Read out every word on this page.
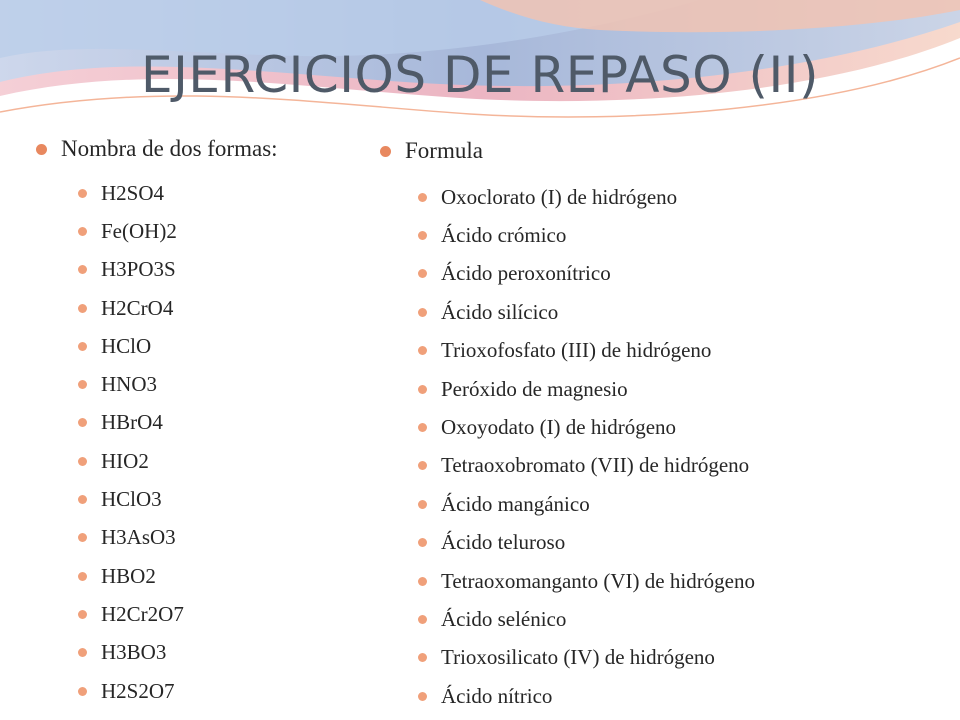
EJERCICIOS DE REPASO (II)
Nombra de dos formas:
H2SO4
Fe(OH)2
H3PO3S
H2CrO4
HClO
HNO3
HBrO4
HIO2
HClO3
H3AsO3
HBO2
H2Cr2O7
H3BO3
H2S2O7
Formula
Oxoclorato (I) de hidrógeno
Ácido crómico
Ácido peroxonítrico
Ácido silícico
Trioxofosfato (III) de hidrógeno
Peróxido de magnesio
Oxoyodato (I) de hidrógeno
Tetraoxobromato (VII) de hidrógeno
Ácido mangánico
Ácido teluroso
Tetraoxomanganto (VI) de hidrógeno
Ácido selénico
Trioxosilicato (IV) de hidrógeno
Ácido nítrico
